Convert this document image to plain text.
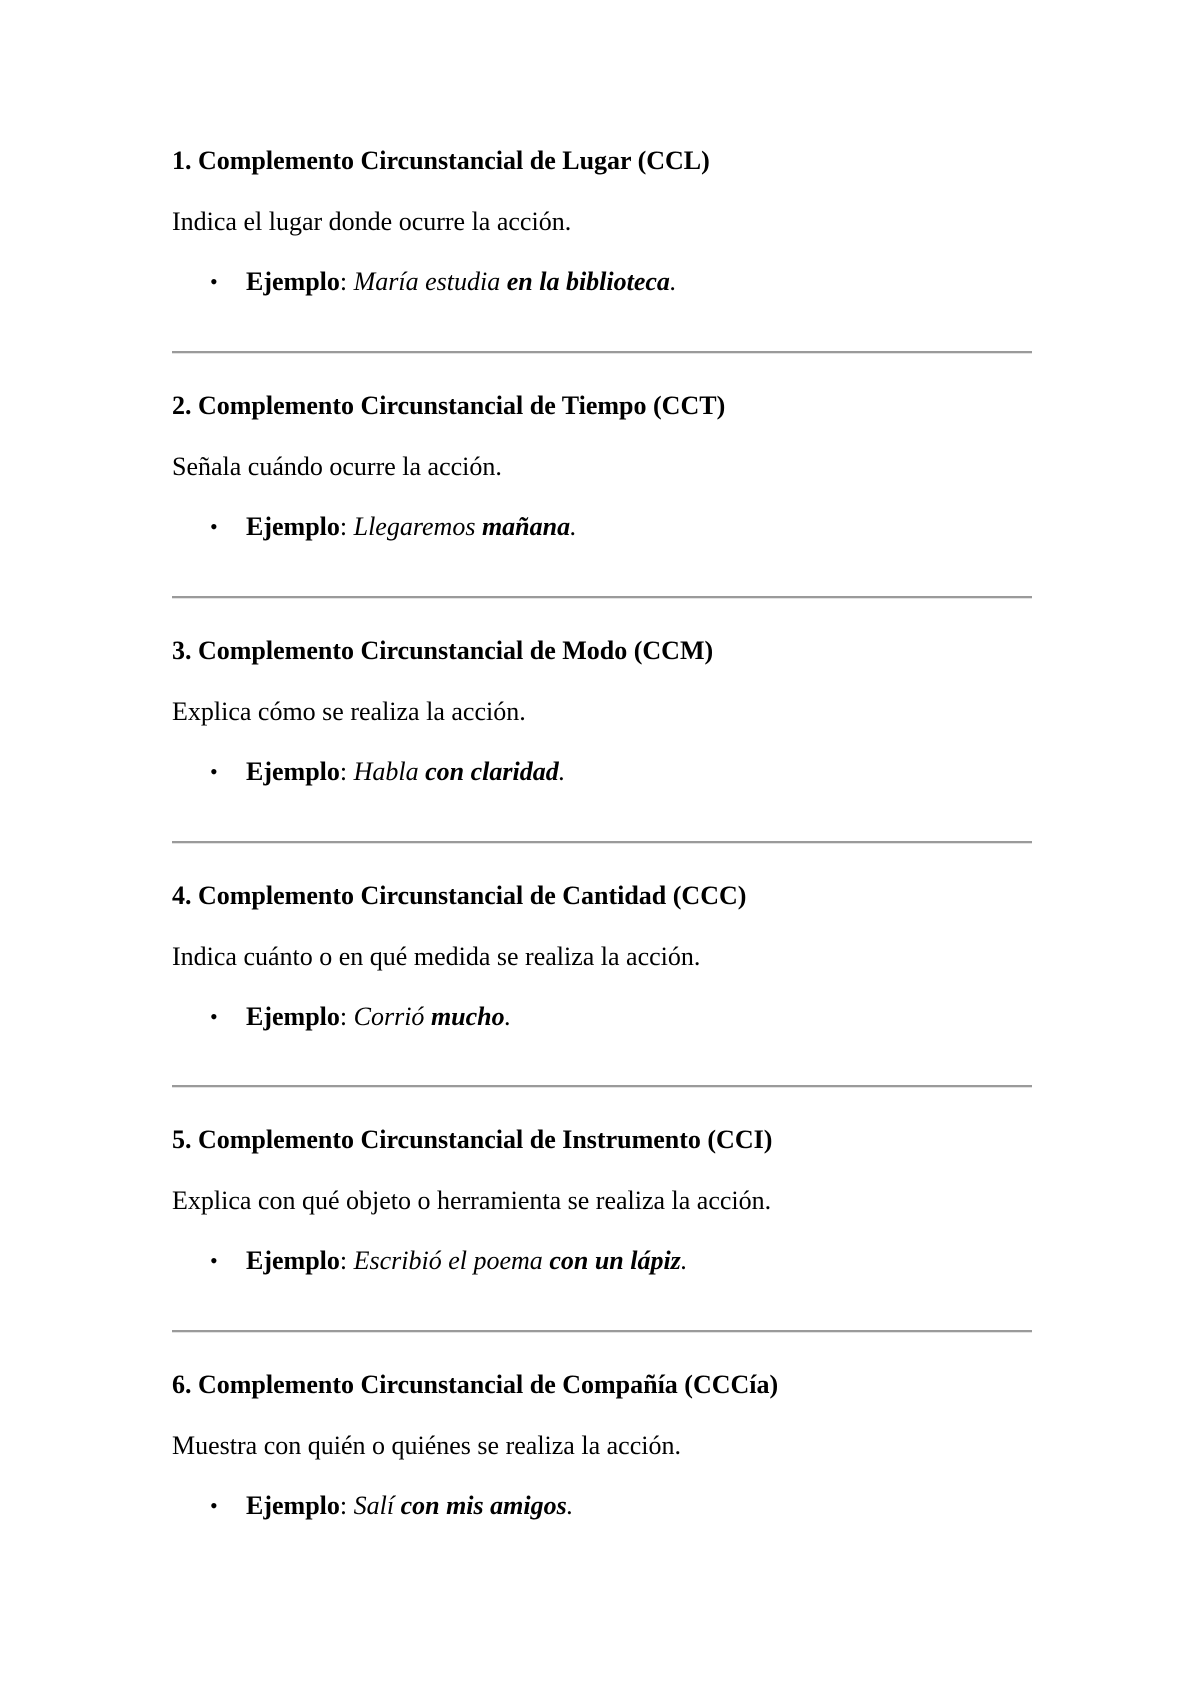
1. Complemento Circunstancial de Lugar (CCL)

Indica el lugar donde ocurre la acción.

• Ejemplo: María estudia en la biblioteca.
2. Complemento Circunstancial de Tiempo (CCT)

Señala cuándo ocurre la acción.

• Ejemplo: Llegaremos mañana.
3. Complemento Circunstancial de Modo (CCM)

Explica cómo se realiza la acción.

• Ejemplo: Habla con claridad.
4. Complemento Circunstancial de Cantidad (CCC)

Indica cuánto o en qué medida se realiza la acción.

• Ejemplo: Corrió mucho.
5. Complemento Circunstancial de Instrumento (CCI)

Explica con qué objeto o herramienta se realiza la acción.

• Ejemplo: Escribió el poema con un lápiz.
6. Complemento Circunstancial de Compañía (CCCía)

Muestra con quién o quiénes se realiza la acción.

• Ejemplo: Salí con mis amigos.
